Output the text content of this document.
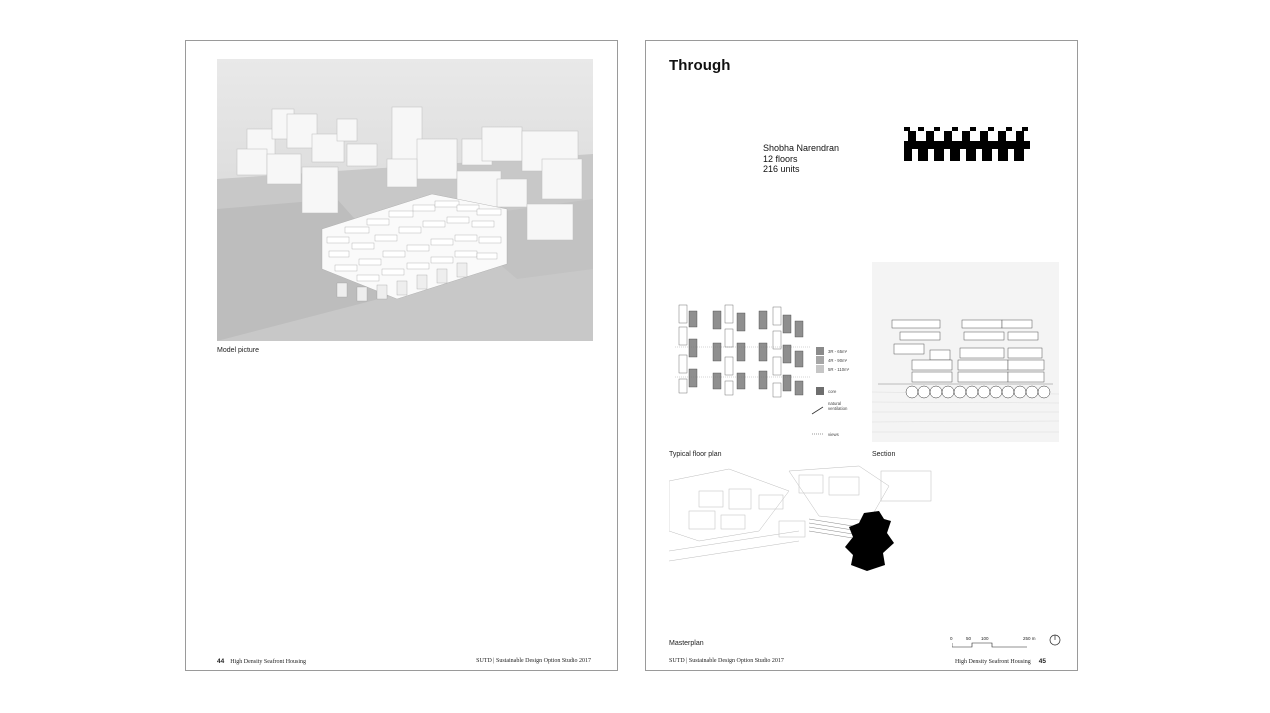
Model picture
44 High Density Seafront Housing	SUTD | Sustainable Design Option Studio 2017
Through
Shobha Narendran
12 floors
216 units
3R - 65m²
4R - 90m²
5R - 110m²
core
natural
ventilation
views
Typical floor plan	Section
Masterplan
0	50 100	250 m
SUTD | Sustainable Design Option Studio 2017	High Density Seafront Housing 45
